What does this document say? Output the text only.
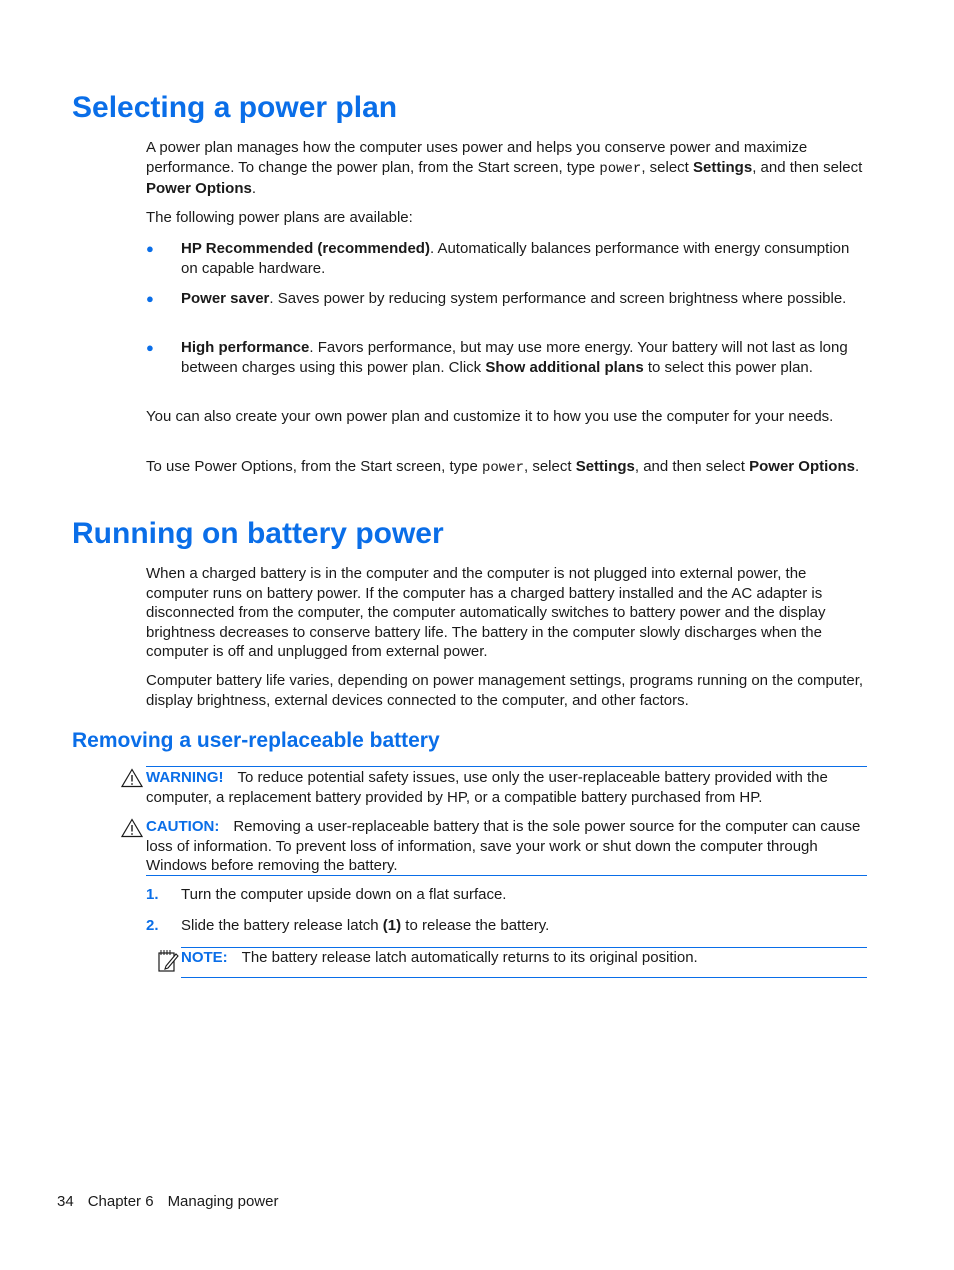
Selecting a power plan

A power plan manages how the computer uses power and helps you conserve power and maximize performance. To change the power plan, from the Start screen, type power, select Settings, and then select Power Options.

The following power plans are available:

● HP Recommended (recommended). Automatically balances performance with energy consumption on capable hardware.
● Power saver. Saves power by reducing system performance and screen brightness where possible.
● High performance. Favors performance, but may use more energy. Your battery will not last as long between charges using this power plan. Click Show additional plans to select this power plan.

You can also create your own power plan and customize it to how you use the computer for your needs.

To use Power Options, from the Start screen, type power, select Settings, and then select Power Options.

Running on battery power

When a charged battery is in the computer and the computer is not plugged into external power, the computer runs on battery power. If the computer has a charged battery installed and the AC adapter is disconnected from the computer, the computer automatically switches to battery power and the display brightness decreases to conserve battery life. The battery in the computer slowly discharges when the computer is off and unplugged from external power.

Computer battery life varies, depending on power management settings, programs running on the computer, display brightness, external devices connected to the computer, and other factors.

Removing a user-replaceable battery
WARNING! To reduce potential safety issues, use only the user-replaceable battery provided with the computer, a replacement battery provided by HP, or a compatible battery purchased from HP.
CAUTION: Removing a user-replaceable battery that is the sole power source for the computer can cause loss of information. To prevent loss of information, save your work or shut down the computer through Windows before removing the battery.
1. Turn the computer upside down on a flat surface.
2. Slide the battery release latch (1) to release the battery.
NOTE: The battery release latch automatically returns to its original position.
34 Chapter 6 Managing power
